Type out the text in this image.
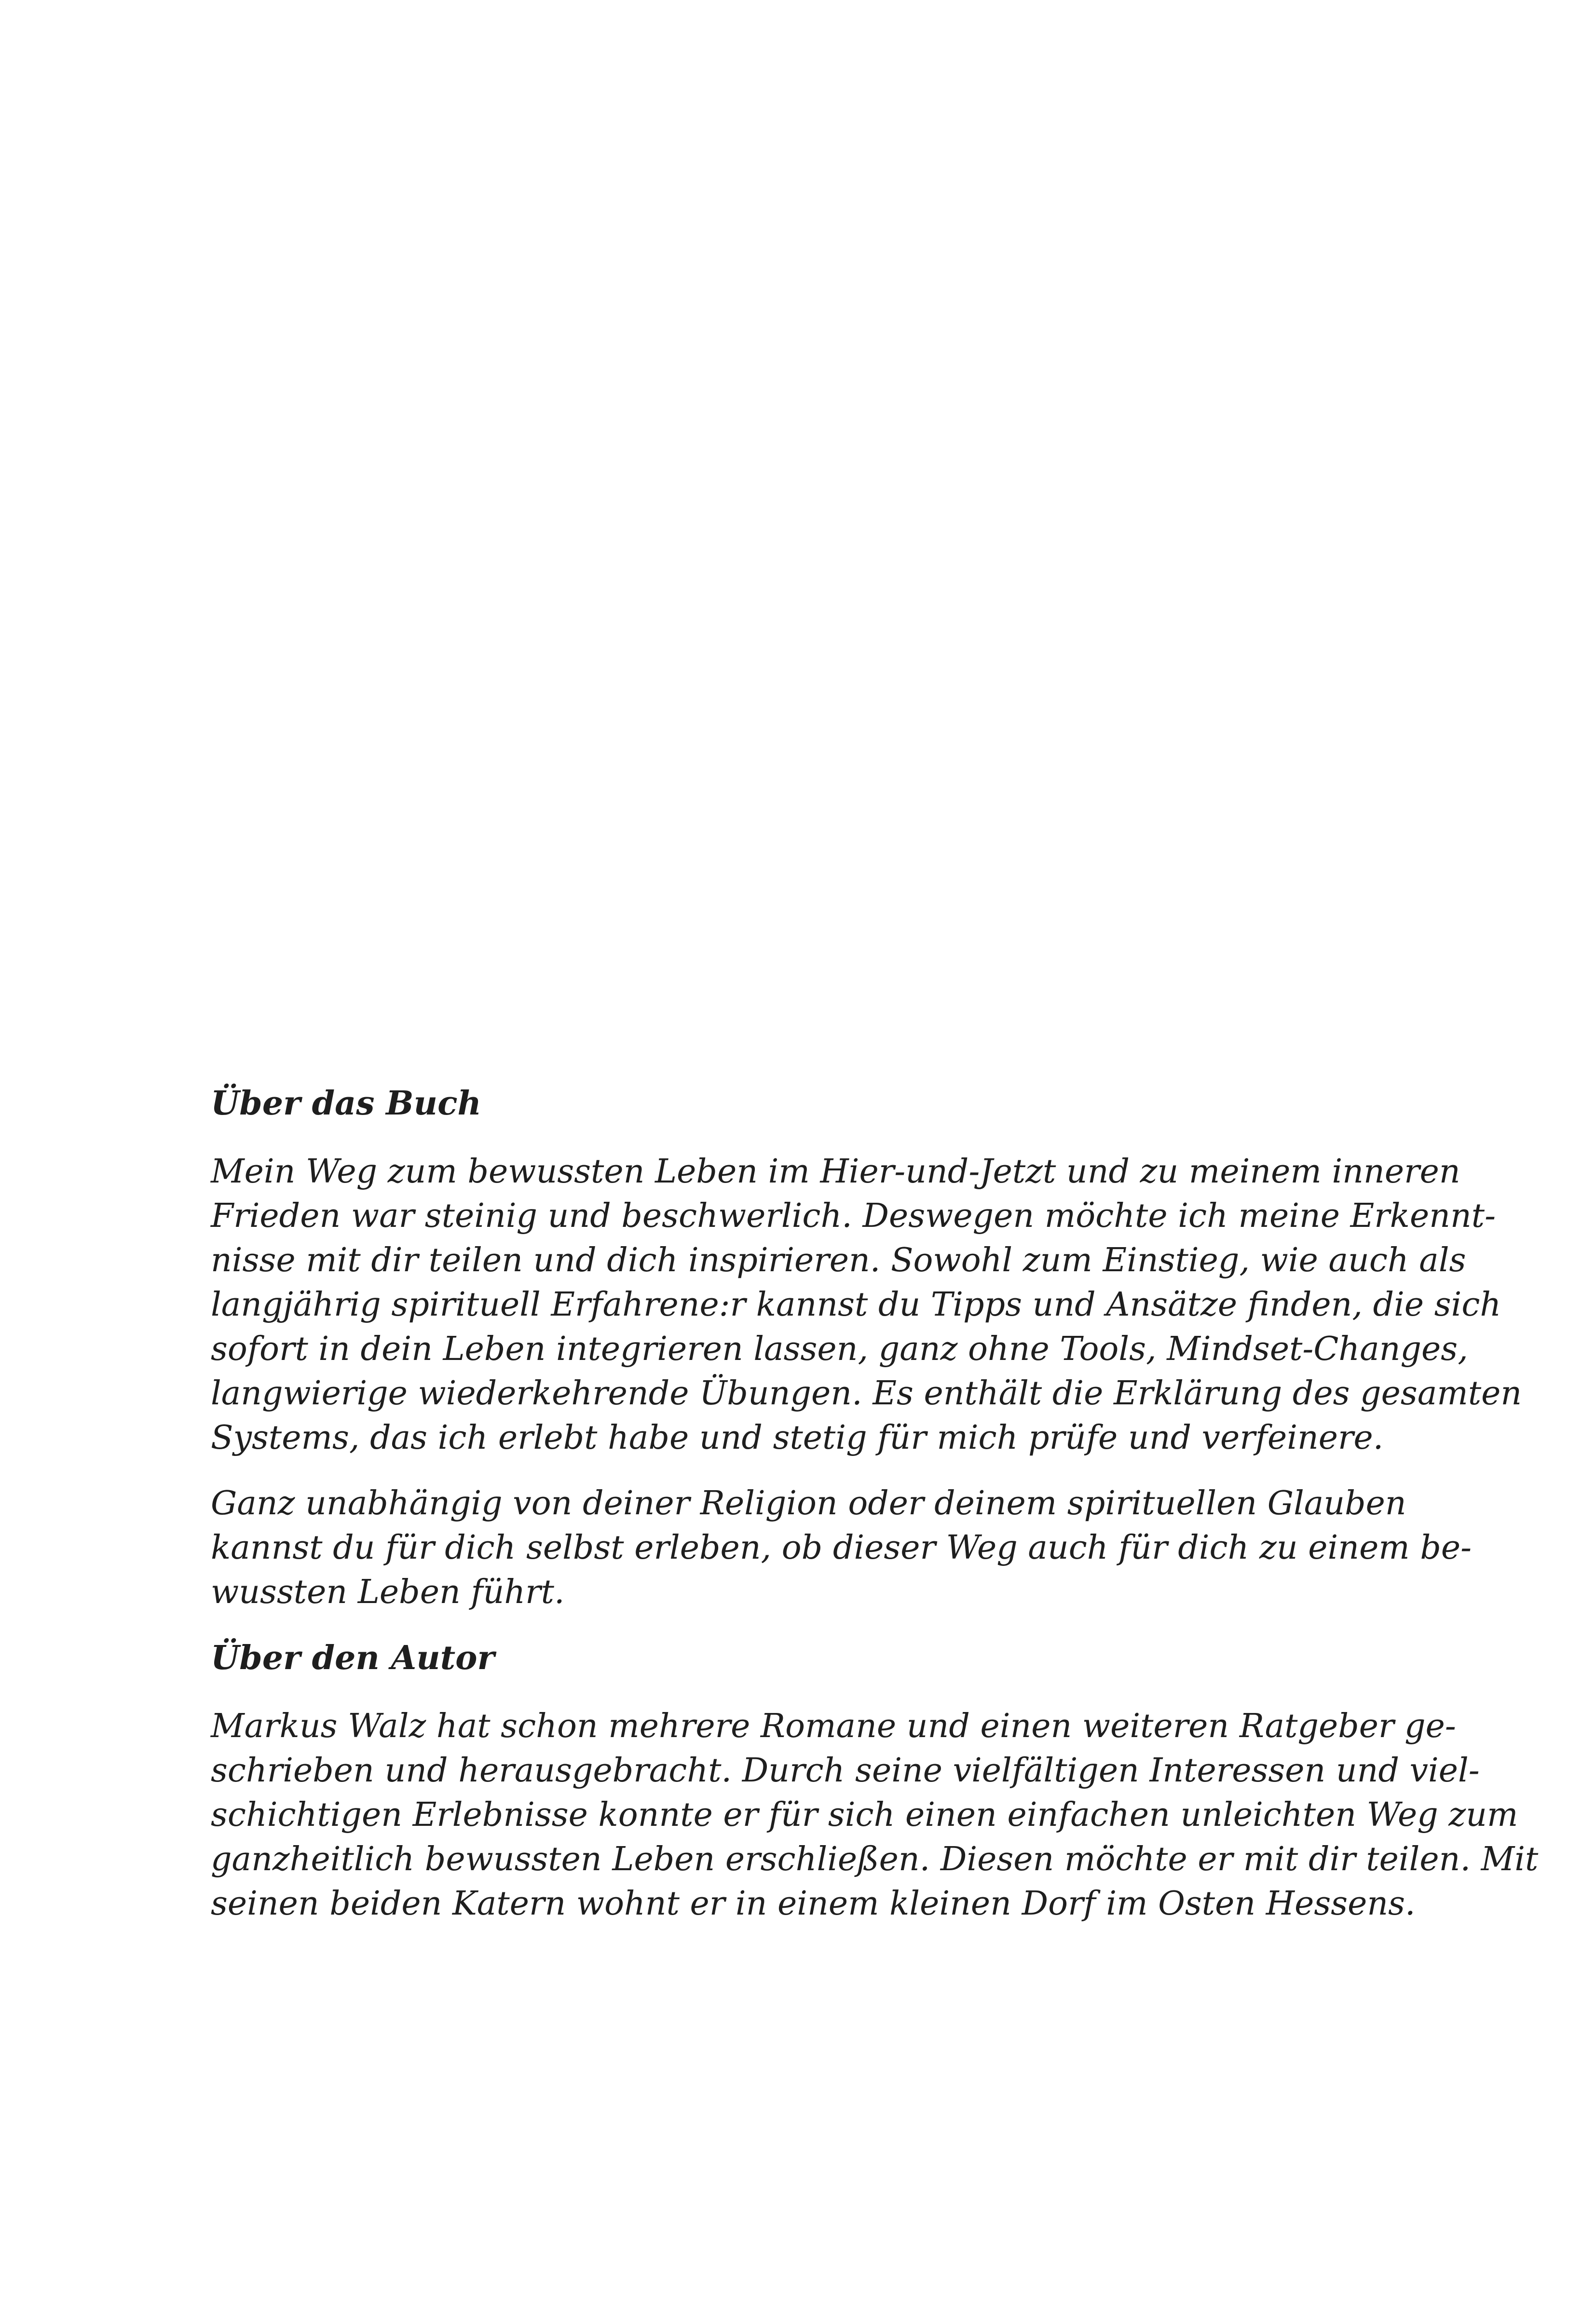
Über das Buch

Mein Weg zum bewussten Leben im Hier-und-Jetzt und zu meinem inneren
Frieden war steinig und beschwerlich. Deswegen möchte ich meine Erkennt-
nisse mit dir teilen und dich inspirieren. Sowohl zum Einstieg, wie auch als
langjährig spirituell Erfahrene:r kannst du Tipps und Ansätze finden, die sich
sofort in dein Leben integrieren lassen, ganz ohne Tools, Mindset-Changes,
langwierige wiederkehrende Übungen. Es enthält die Erklärung des gesamten
Systems, das ich erlebt habe und stetig für mich prüfe und verfeinere.

Ganz unabhängig von deiner Religion oder deinem spirituellen Glauben
kannst du für dich selbst erleben, ob dieser Weg auch für dich zu einem be-
wussten Leben führt.

Über den Autor

Markus Walz hat schon mehrere Romane und einen weiteren Ratgeber ge-
schrieben und herausgebracht. Durch seine vielfältigen Interessen und viel-
schichtigen Erlebnisse konnte er für sich einen einfachen unleichten Weg zum
ganzheitlich bewussten Leben erschließen. Diesen möchte er mit dir teilen. Mit
seinen beiden Katern wohnt er in einem kleinen Dorf im Osten Hessens.
